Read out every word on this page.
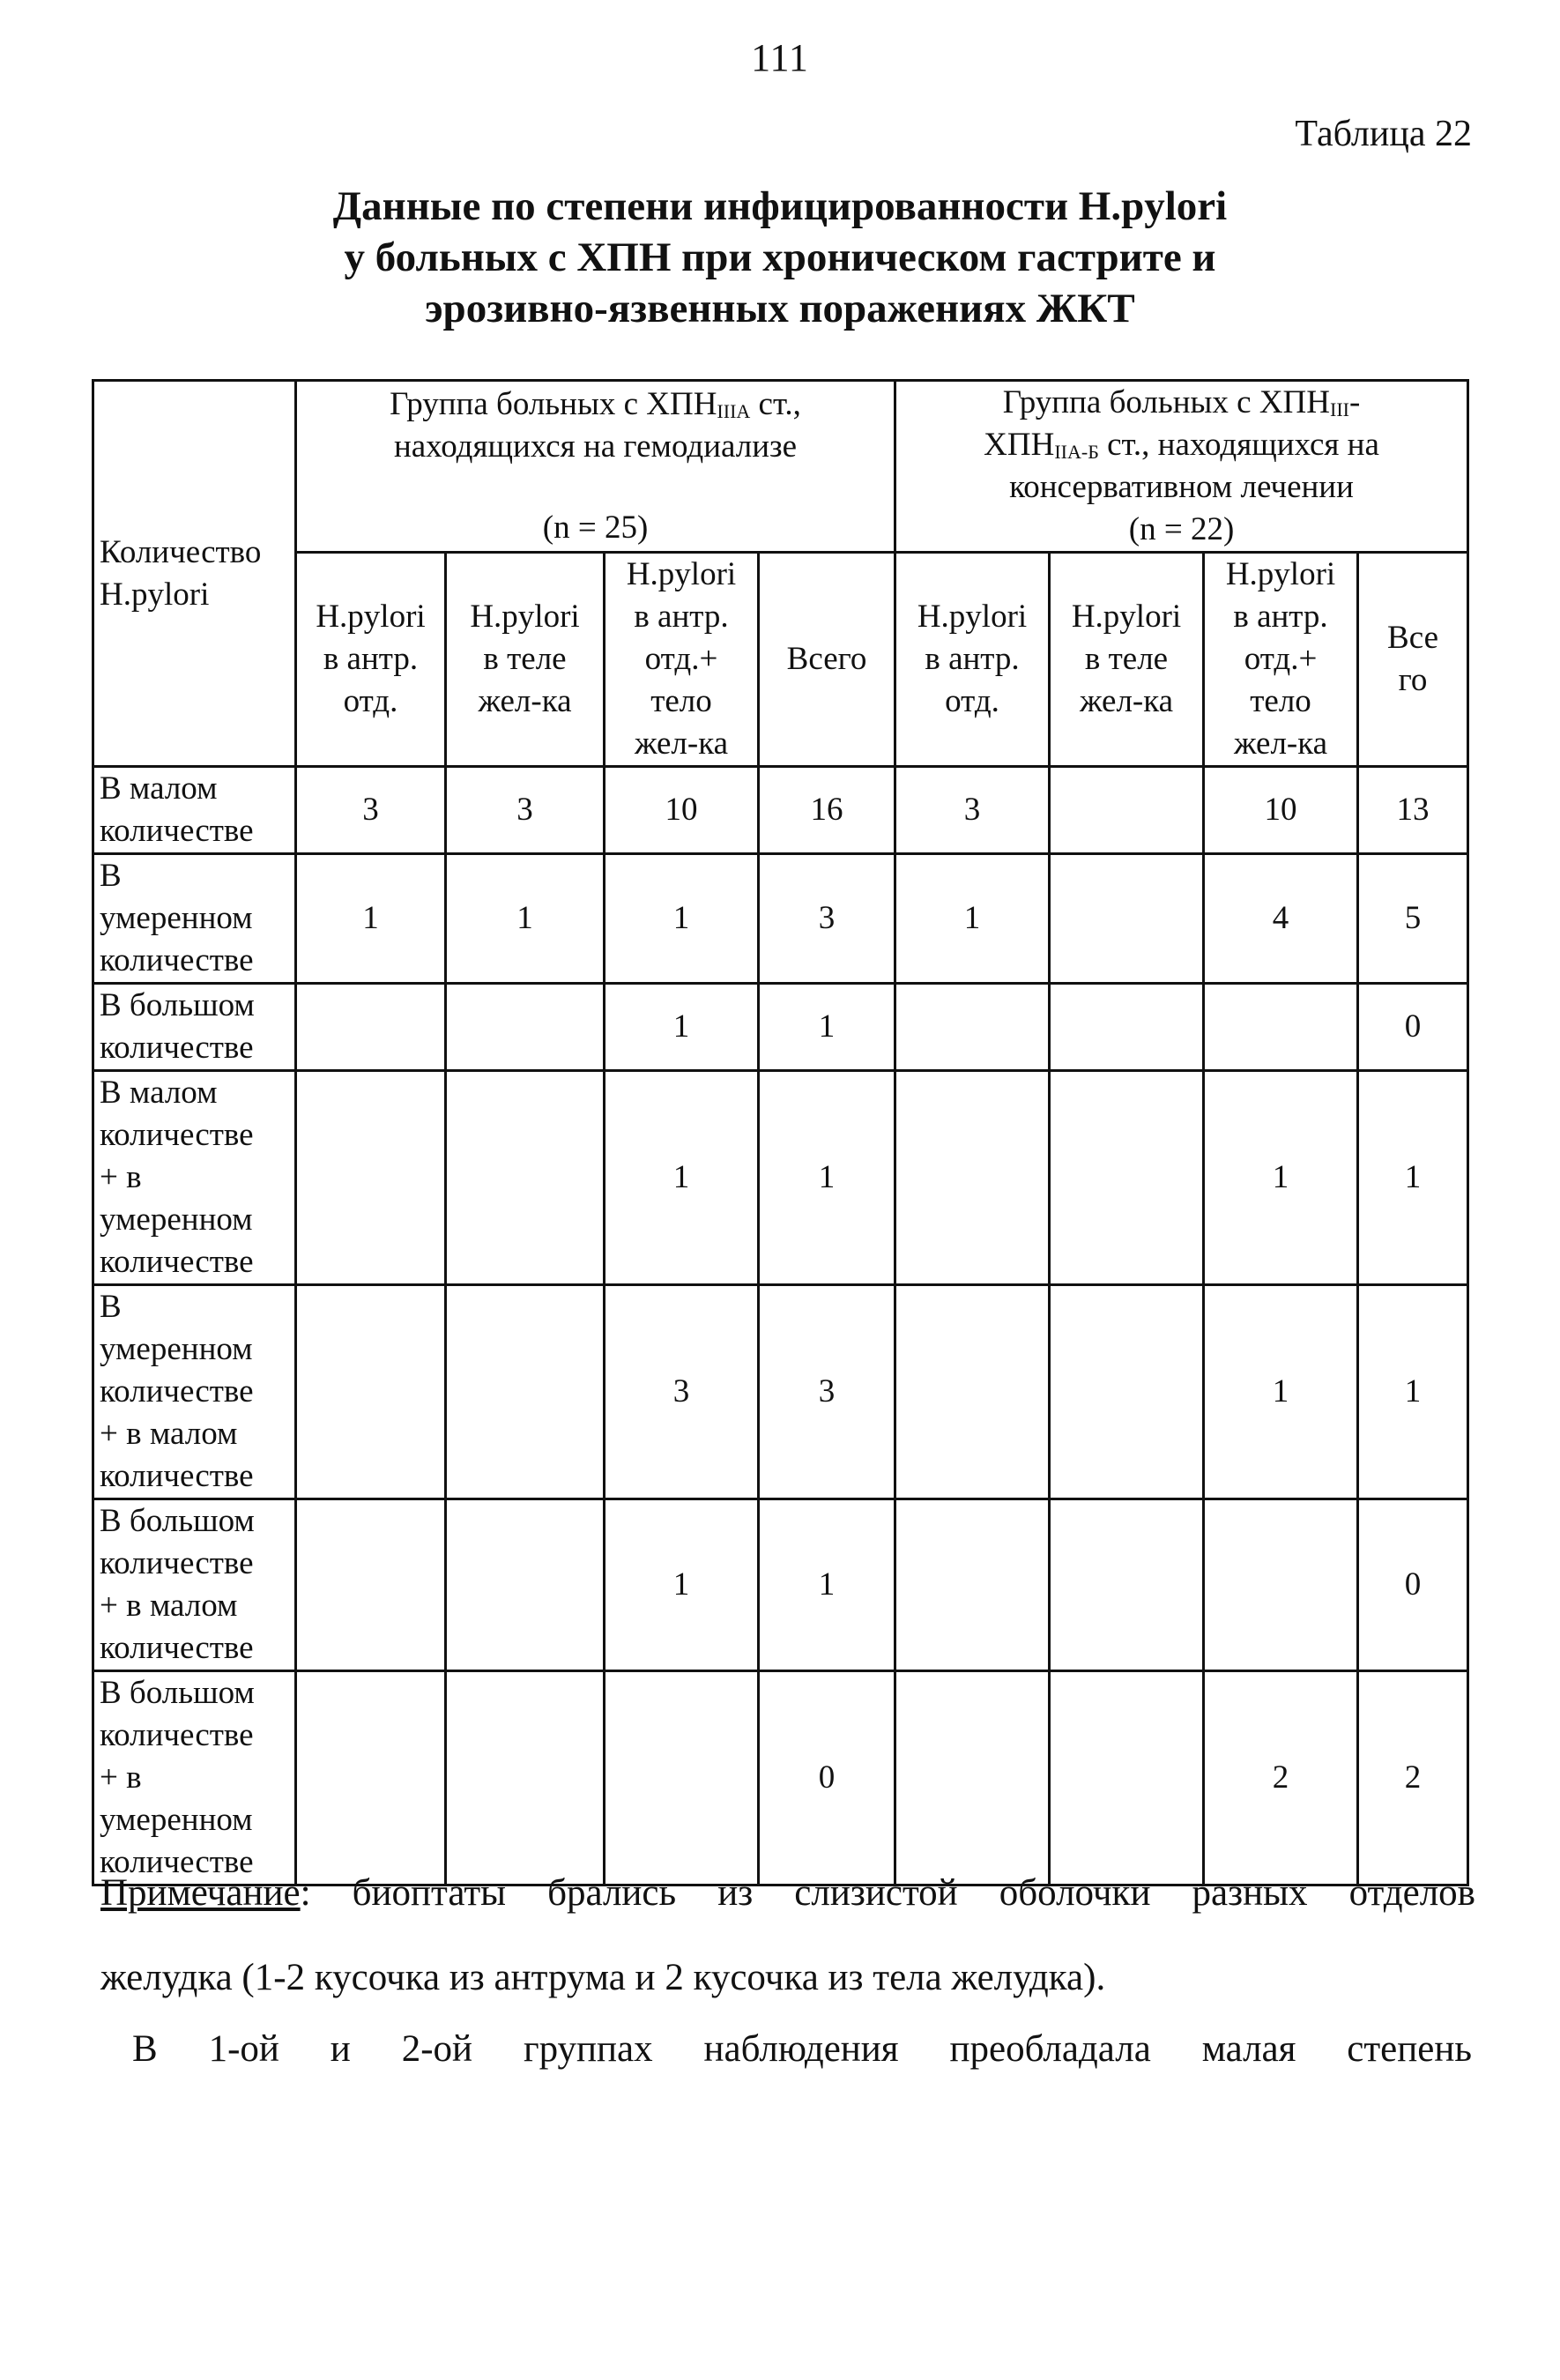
111
Таблица 22
Данные по степени инфицированности H.pylori
у больных с ХПН при хроническом гастрите и
эрозивно-язвенных поражениях ЖКТ
Количество
H.pylori	Группа больных с $ХПН_{IIIA}$ ст.,
находящихся на гемодиализе
(n = 25)				Группа больных с $ХПН_{III}-$
$ХПН_{IIA-Б}$ ст., находящихся на
консервативном лечении
(n = 22)			

	H.pylori
в антр.
отд.	H.pylori
в теле
жел-ка	H.pylori
в антр.
отд.+
тело
жел-ка	Всего	H.pylori
в антр.
отд.	H.pylori
в теле
жел-ка	H.pylori
в антр.
отд.+
тело
жел-ка	Все
го

В малом
количестве	3	3	10	16	3		10	13

В
умеренном
количестве	1	1	1	3	1		4	5

В большом
количестве			1	1				0

В малом
количестве
+ в
умеренном
количестве			1	1			1	1

В
умеренном
количестве
+ в малом
количестве			3	3			1	1

В большом
количестве
+ в малом
количестве			1	1				0

В большом
количестве
+ в
умеренном
количестве				0			2	2

Примечание: биоптаты брались из слизистой оболочки разных отделов

желудка (1-2 кусочка из антрума и 2 кусочка из тела желудка).

В 1-ой и 2-ой группах наблюдения преобладала малая степень
